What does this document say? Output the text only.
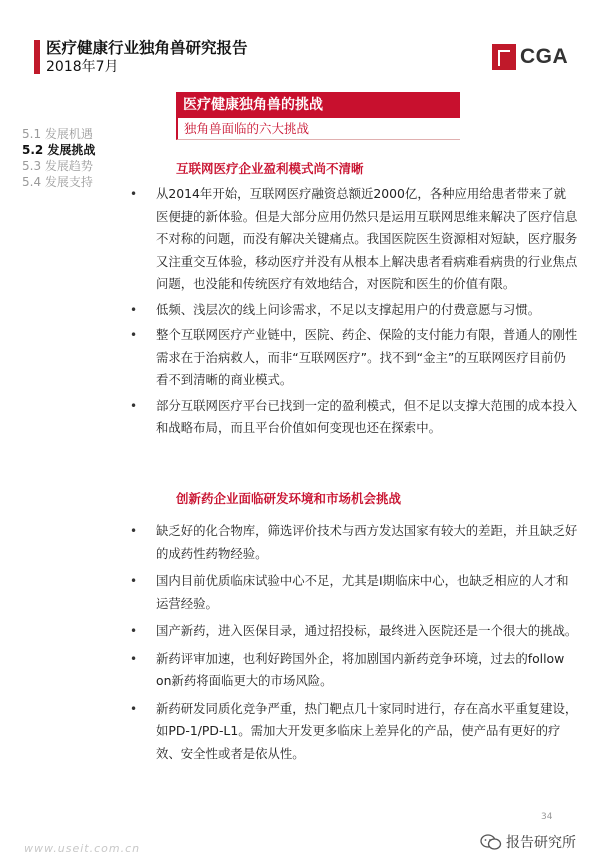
医疗健康行业独角兽研究报告
2018年7月	CGA
医疗健康独角兽的挑战
独角兽面临的六大挑战
5.1 发展机遇
5.2 发展挑战
5.3 发展趋势
5.4 发展支持
互联网医疗企业盈利模式尚不清晰
• 从2014年开始，互联网医疗融资总额近2000亿，各种应用给患者带来了就医便捷的新体验。但是大部分应用仍然只是运用互联网思维来解决了医疗信息不对称的问题，而没有解决关键痛点。我国医院医生资源相对短缺，医疗服务又注重交互体验，移动医疗并没有从根本上解决患者看病难看病贵的行业焦点问题，也没能和传统医疗有效地结合，对医院和医生的价值有限。
• 低频、浅层次的线上问诊需求，不足以支撑起用户的付费意愿与习惯。
• 整个互联网医疗产业链中，医院、药企、保险的支付能力有限，普通人的刚性需求在于治病救人，而非“互联网医疗”。找不到“金主”的互联网医疗目前仍看不到清晰的商业模式。
• 部分互联网医疗平台已找到一定的盈利模式，但不足以支撑大范围的成本投入和战略布局，而且平台价值如何变现也还在探索中。
创新药企业面临研发环境和市场机会挑战
• 缺乏好的化合物库，筛选评价技术与西方发达国家有较大的差距，并且缺乏好的成药性药物经验。
• 国内目前优质临床试验中心不足，尤其是I期临床中心，也缺乏相应的人才和运营经验。
• 国产新药，进入医保目录，通过招投标，最终进入医院还是一个很大的挑战。
• 新药评审加速，也利好跨国外企，将加剧国内新药竞争环境，过去的follow on新药将面临更大的市场风险。
• 新药研发同质化竞争严重，热门靶点几十家同时进行，存在高水平重复建设，如PD-1/PD-L1。需加大开发更多临床上差异化的产品，使产品有更好的疗效、安全性或者是依从性。
34
www.useit.com.cn	报告研究所
